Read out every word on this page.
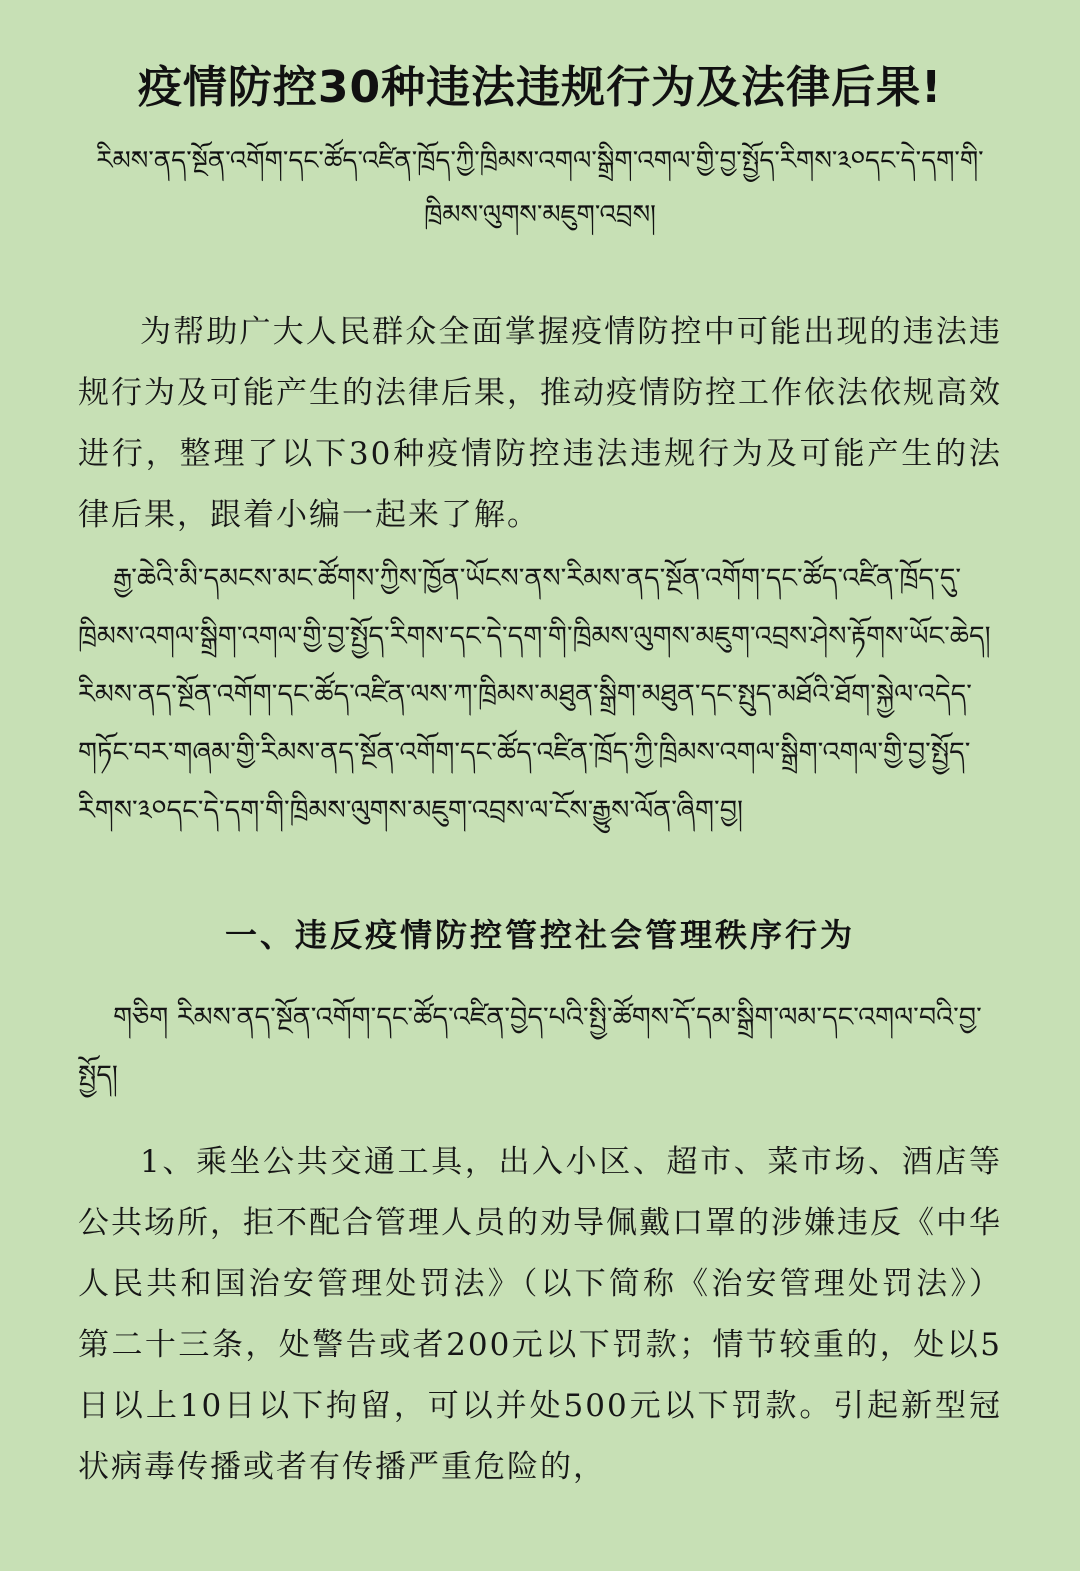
疫情防控30种违法违规行为及法律后果!
རིམས་ནད་སྔོན་འགོག་དང་ཚོད་འཛིན་ཁྲོད་ཀྱི་ཁྲིམས་འགལ་སྒྲིག་འགལ་གྱི་བྱ་སྤྱོད་རིགས་༣༠དང་དེ་དག་གི་ཁྲིམས་ལུགས་མཇུག་འབྲས།

为帮助广大人民群众全面掌握疫情防控中可能出现的违法违规行为及可能产生的法律后果，推动疫情防控工作依法依规高效进行，整理了以下30种疫情防控违法违规行为及可能产生的法律后果，跟着小编一起来了解。

རྒྱ་ཆེའི་མི་དམངས་མང་ཚོགས་ཀྱིས་ཁྱོན་ཡོངས་ནས་རིམས་ནད་སྔོན་འགོག་དང་ཚོད་འཛིན་ཁྲོད་དུ་ཁྲིམས་འགལ་སྒྲིག་འགལ་གྱི་བྱ་སྤྱོད་རིགས་དང་དེ་དག་གི་ཁྲིམས་ལུགས་མཇུག་འབྲས་ཤེས་རྟོགས་ཡོང་ཆེད། རིམས་ནད་སྔོན་འགོག་དང་ཚོད་འཛིན་ལས་ཀ་ཁྲིམས་མཐུན་སྒྲིག་མཐུན་དང་སྤུད་མཐོའི་ཐོག་སྐྱེལ་འདེད་གཏོང་བར་གཞམ་གྱི་རིམས་ནད་སྔོན་འགོག་དང་ཚོད་འཛིན་ཁྲོད་ཀྱི་ཁྲིམས་འགལ་སྒྲིག་འགལ་གྱི་བྱ་སྤྱོད་རིགས་༣༠དང་དེ་དག་གི་ཁྲིམས་ལུགས་མཇུག་འབྲས་ལ་ངོས་རྒྱུས་ལོན་ཞིག་བྱ།

一、违反疫情防控管控社会管理秩序行为

གཅིག རིམས་ནད་སྔོན་འགོག་དང་ཚོད་འཛིན་བྱེད་པའི་སྤྱི་ཚོགས་དོ་དམ་སྒྲིག་ལམ་དང་འགལ་བའི་བྱ་སྤྱོད།

1、乘坐公共交通工具，出入小区、超市、菜市场、酒店等公共场所，拒不配合管理人员的劝导佩戴口罩的涉嫌违反《中华人民共和国治安管理处罚法》（以下简称《治安管理处罚法》）第二十三条，处警告或者200元以下罚款；情节较重的，处以5日以上10日以下拘留，可以并处500元以下罚款。引起新型冠状病毒传播或者有传播严重危险的，
